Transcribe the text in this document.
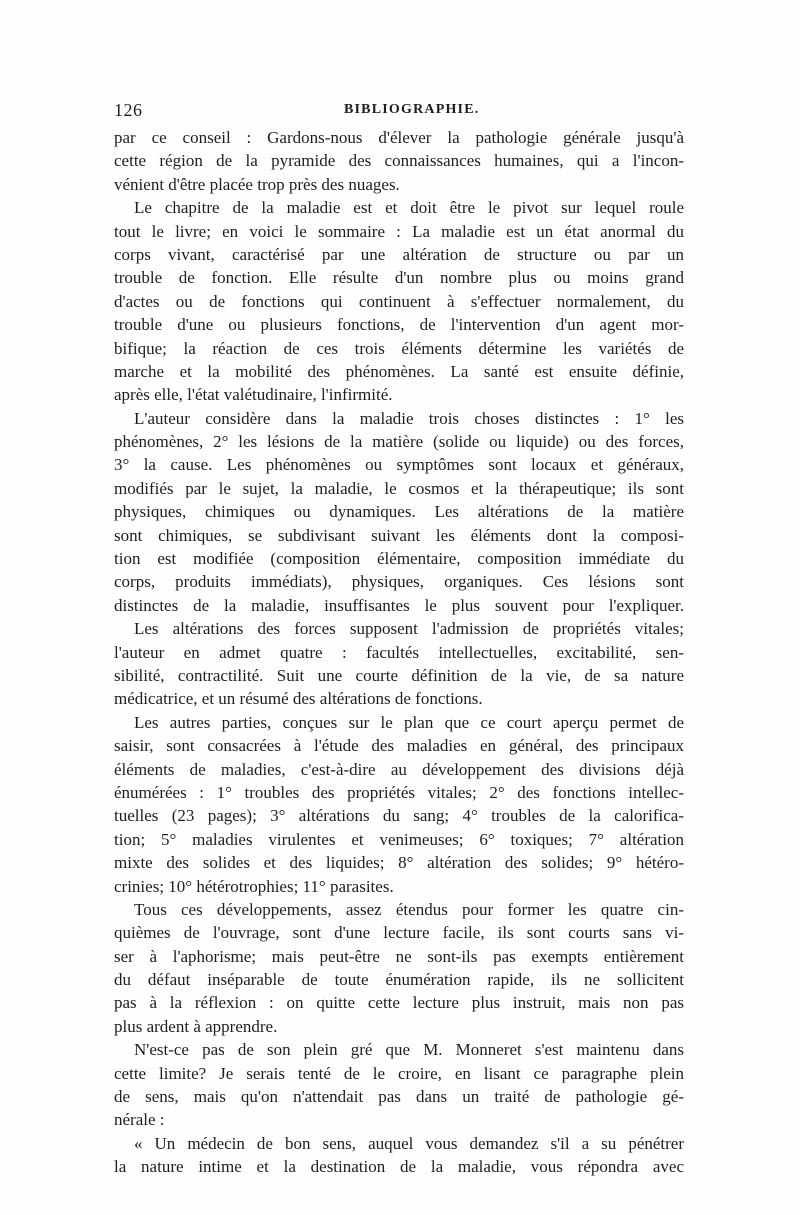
126	BIBLIOGRAPHIE.
par ce conseil : Gardons-nous d'élever la pathologie générale jusqu'à
cette région de la pyramide des connaissances humaines, qui a l'incon-
vénient d'être placée trop près des nuages.
Le chapitre de la maladie est et doit être le pivot sur lequel roule
tout le livre; en voici le sommaire : La maladie est un état anormal du
corps vivant, caractérisé par une altération de structure ou par un
trouble de fonction. Elle résulte d'un nombre plus ou moins grand
d'actes ou de fonctions qui continuent à s'effectuer normalement, du
trouble d'une ou plusieurs fonctions, de l'intervention d'un agent mor-
bifique; la réaction de ces trois éléments détermine les variétés de
marche et la mobilité des phénomènes. La santé est ensuite définie,
après elle, l'état valétudinaire, l'infirmité.
L'auteur considère dans la maladie trois choses distinctes : 1° les
phénomènes, 2° les lésions de la matière (solide ou liquide) ou des forces,
3° la cause. Les phénomènes ou symptômes sont locaux et généraux,
modifiés par le sujet, la maladie, le cosmos et la thérapeutique; ils sont
physiques, chimiques ou dynamiques. Les altérations de la matière
sont chimiques, se subdivisant suivant les éléments dont la composi-
tion est modifiée (composition élémentaire, composition immédiate du
corps, produits immédiats), physiques, organiques. Ces lésions sont
distinctes de la maladie, insuffisantes le plus souvent pour l'expliquer.
Les altérations des forces supposent l'admission de propriétés vitales;
l'auteur en admet quatre : facultés intellectuelles, excitabilité, sen-
sibilité, contractilité. Suit une courte définition de la vie, de sa nature
médicatrice, et un résumé des altérations de fonctions.
Les autres parties, conçues sur le plan que ce court aperçu permet de
saisir, sont consacrées à l'étude des maladies en général, des principaux
éléments de maladies, c'est-à-dire au développement des divisions déjà
énumérées : 1° troubles des propriétés vitales; 2° des fonctions intellec-
tuelles (23 pages); 3° altérations du sang; 4° troubles de la calorifica-
tion; 5° maladies virulentes et venimeuses; 6° toxiques; 7° altération
mixte des solides et des liquides; 8° altération des solides; 9° hétéro-
crinies; 10° hétérotrophies; 11° parasites.
Tous ces développements, assez étendus pour former les quatre cin-
quièmes de l'ouvrage, sont d'une lecture facile, ils sont courts sans vi-
ser à l'aphorisme; mais peut-être ne sont-ils pas exempts entièrement
du défaut inséparable de toute énumération rapide, ils ne sollicitent
pas à la réflexion : on quitte cette lecture plus instruit, mais non pas
plus ardent à apprendre.
N'est-ce pas de son plein gré que M. Monneret s'est maintenu dans
cette limite? Je serais tenté de le croire, en lisant ce paragraphe plein
de sens, mais qu'on n'attendait pas dans un traité de pathologie gé-
nérale :
« Un médecin de bon sens, auquel vous demandez s'il a su pénétrer
la nature intime et la destination de la maladie, vous répondra avec
